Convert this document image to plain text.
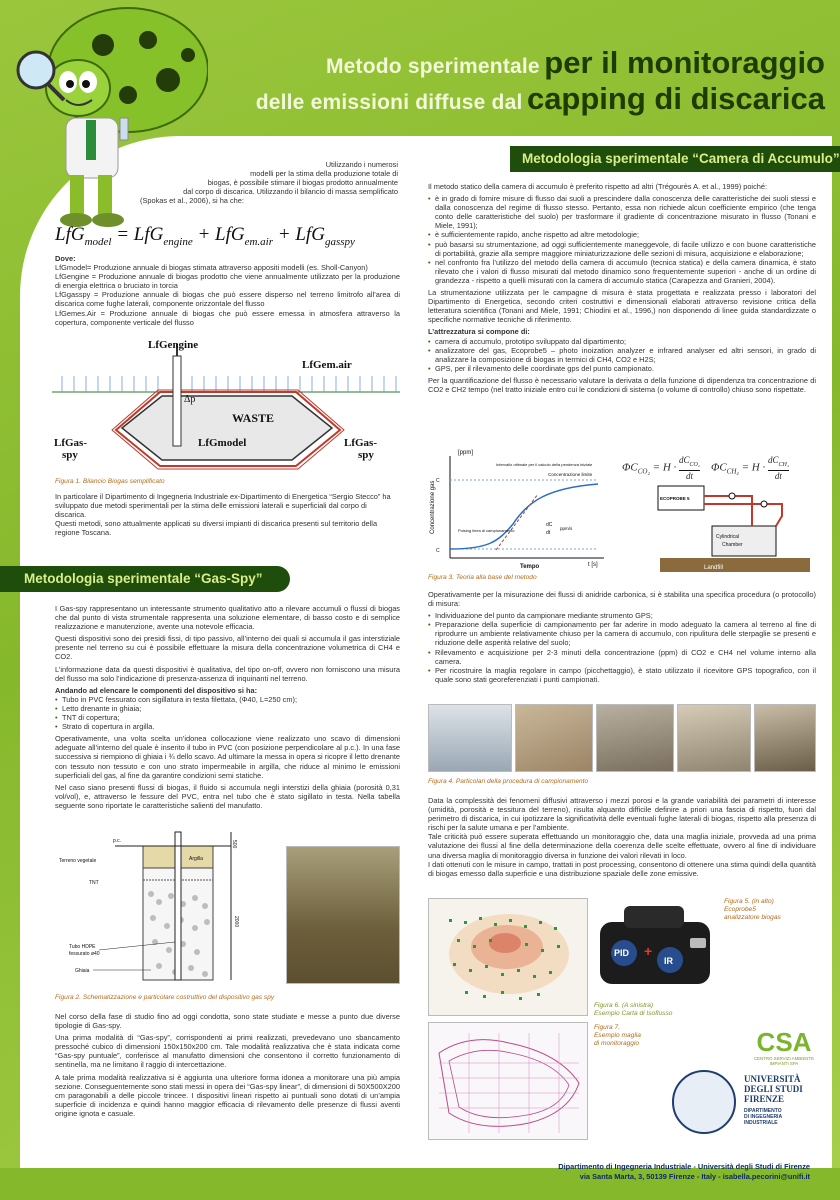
Metodo sperimentale per il monitoraggio
delle emissioni diffuse dal capping di discarica
Utilizzando i numerosi
modelli per la stima della produzione totale di
biogas, è possibile stimare il biogas prodotto annualmente
dal corpo di discarica. Utilizzando il bilancio di massa semplificato
(Spokas et al., 2006), si ha che:
LfG$_{model}$ = LfG$_{engine}$ + LfG$_{em.air}$ + LfG$_{gasspy}$
Dove:
LfGmodel= Produzione annuale di biogas stimata attraverso appositi modelli (es. Sholl-Canyon)
LfGengine = Produzione annuale di biogas prodotto che viene annualmente utilizzato per la produzione di energia elettrica o bruciato in torcia
LfGgasspy = Produzione annuale di biogas che può essere disperso nel terreno limitrofo all’area di discarica come fughe laterali, componente orizzontale del flusso
LfGemes.Air = Produzione annuale di biogas che può essere emessa in atmosfera attraverso la copertura, componente verticale del flusso
LfGengine
LfGem.air
Δp
WASTE
LfGas-
spy
LfGmodel	LfGas-
spy
Figura 1. Bilancio Biogas semplificato
In particolare il Dipartimento di Ingegneria Industriale ex-Dipartimento di Energetica “Sergio Stecco” ha sviluppato due metodi sperimentali per la stima delle emissioni laterali e superficiali dal corpo di discarica.
Questi metodi, sono attualmente applicati su diversi impianti di discarica presenti sul territorio della regione Toscana.
Metodologia sperimentale “Camera di Accumulo”

Il metodo statico della camera di accumulo è preferito rispetto ad altri (Trégourès A. et al., 1999) poiché:

• è in grado di fornire misure di flusso dai suoli a prescindere dalla conoscenza delle caratteristiche dei suoli stessi e dalla conoscenza del regime di flusso stesso. Pertanto, essa non richiede alcun coefficiente empirico (che tenga conto delle caratteristiche del suolo) per trasformare il gradiente di concentrazione misurato in flusso (Tonani e Miele, 1991);
• è sufficientemente rapido, anche rispetto ad altre metodologie;
• può basarsi su strumentazione, ad oggi sufficientemente maneggevole, di facile utilizzo e con buone caratteristiche di portabilità, grazie alla sempre maggiore miniaturizzazione delle sezioni di misura, acquisizione e elaborazione;
• nel confronto fra l’utilizzo del metodo della camera di accumulo (tecnica statica) e della camera dinamica, è stato rilevato che i valori di flusso misurati dal metodo dinamico sono frequentemente superiori - anche di un ordine di grandezza - rispetto a quelli misurati con la camera di accumulo statica (Carapezza and Granieri, 2004).

La strumentazione utilizzata per le campagne di misura è stata progettata e realizzata presso i laboratori del Dipartimento di Energetica, secondo criteri costruttivi e dimensionali elaborati attraverso revisione critica della letteratura scientifica (Tonani and Miele, 1991; Chiodini et al., 1996,) non disponendo di linee guida standardizzate o specifiche normative tecniche di riferimento.

L’attrezzatura si compone di:
• camera di accumulo, prototipo sviluppato dal dipartimento;
• analizzatore del gas, Ecoprobe5 – photo inoization analyzer e infrared analyser ed altri sensori, in grado di analizzare la composizione di biogas in termici di CH4, CO2 e H2S;
• GPS, per il rilevamento delle coordinate gps del punto campionato.

Per la quantificazione del flusso è necessario valutare la derivata α della funzione di dipendenza tra concentrazione di CO2 e CH2 tempo (nel tratto iniziale entro cui le condizioni di sistema (o volume di controllo) chiuso sono rispettate.

[ppm]
Concentrazione gas
Tempo	t [s]
C
C
Concentrazione limite
Intervallo ottimale per il calcolo della pendenza iniziale
Pulsing linea di campionamento
dC
dt
ppm/s
Figura 3. Teoria alla base del metodo
$\Phi C_{CO_2} = H$ ·
$dC_{CO_2}$
dt
$\Phi C_{CH_4} = H$ ·
$dC_{CH_4}$
dt
ECOPROBE 5
Cylindrical
Chamber
Landfill

Operativamente per la misurazione dei flussi di anidride carbonica, si è stabilita una specifica procedura (o protocollo) di misura:

• Individuazione del punto da campionare mediante strumento GPS;
• Preparazione della superficie di campionamento per far aderire in modo adeguato la camera al terreno al fine di riprodurre un ambiente relativamente chiuso per la camera di accumulo, con ripulitura delle sterpaglie se presenti e riduzione delle asperità relative del suolo;
• Rilevamento e acquisizione per 2-3 minuti della concentrazione (ppm) di CO2 e CH4 nel volume interno alla camera.
• Per ricostruire la maglia regolare in campo (picchettaggio), è stato utilizzato il ricevitore GPS topografico, con il quale sono stati georeferenziati i punti campionati.
Figura 4. Particolari della procedura di campionamento
Data la complessità dei fenomeni diffusivi attraverso i mezzi porosi e la grande variabilità dei parametri di interesse (umidità, porosità e tessitura del terreno), risulta alquanto difficile definire a priori una fascia di rispetto, fuori dal perimetro di discarica, in cui ipotizzare la significatività delle eventuali fughe laterali di biogas, rispetto alla presenza di rischi per la salute umana e per l’ambiente.
Tale criticità può essere superata effettuando un monitoraggio che, data una maglia iniziale, provveda ad una prima valutazione dei flussi al fine della determinazione della coerenza delle scelte effettuate, ovvero al fine di individuare una diversa maglia di monitoraggio diversa in funzione dei valori rilevati in loco.
I dati ottenuti con le misure in campo, trattati in post processing, consentono di ottenere una stima quindi della quantità di biogas emesso dalla superficie e una distribuzione spaziale delle zone emissive.
Figura 6. (A sinistra)
Esempio Carta di Isoflusso
PID
IR
+
Figura 5. (in alto)
Ecoprobe5
analizzatore biogas
Figura 7.
Esempio maglia
di monitoraggio	CSA
CENTRO SERVIZI AMBIENTE IMPIANTI SPA
UNIVERSITÀ
DEGLI STUDI
FIRENZE
DIPARTIMENTO
DI INGEGNERIA
INDUSTRIALE
Metodologia sperimentale “Gas-Spy”

I Gas-spy rappresentano un interessante strumento qualitativo atto a rilevare accumuli o flussi di biogas che dal punto di vista strumentale rappresenta una soluzione elementare, di basso costo e di semplice realizzazione e manutenzione, avente una notevole efficacia.

Questi dispositivi sono dei presidi fissi, di tipo passivo, all’interno dei quali si accumula il gas interstiziale presente nel terreno su cui è possibile effettuare la misura della concentrazione volumetrica di CH4 e CO2.

L’informazione data da questi dispositivi è qualitativa, del tipo on-off, ovvero non forniscono una misura del flusso ma solo l’indicazione di presenza-assenza di inquinanti nel terreno.

Andando ad elencare le componenti del dispositivo si ha:
• Tubo in PVC fessurato con sigillatura in testa filettata, (Φ40, L=250 cm);
• Letto drenante in ghiaia;
• TNT di copertura;
• Strato di copertura in argilla.

Operativamente, una volta scelta un’idonea collocazione viene realizzato uno scavo di dimensioni adeguate all’interno del quale è inserito il tubo in PVC (con posizione perpendicolare al p.c.). In una fase successiva si riempiono di ghiaia i ¾ dello scavo. Ad ultimare la messa in opera si ricopre il letto drenante con tessuto non tessuto e con uno strato impermeabile in argilla, che riduce al minimo le emissioni superficiali del gas, al fine da garantire condizioni semi statiche.

Nel caso siano presenti flussi di biogas, il fluido si accumula negli interstizi della ghiaia (porosità 0,31 vol/vol), e, attraverso le fessure del PVC, entra nel tubo che è stato sigillato in testa. Nella tabella seguente sono riportate le caratteristiche salienti del manufatto.

500
2000
p.c.
Argilla
Terreno vegetale
TNT
Tubo HDPE
fessurato ø40
Ghiaia
Figura 2. Schematizzazione e particolare costruttivo del dispositivo gas spy

Nel corso della fase di studio fino ad oggi condotta, sono state studiate e messe a punto due diverse tipologie di Gas-spy.

Una prima modalità di “Gas-spy”, corrispondenti ai primi realizzati, prevedevano uno sbancamento pressoché cubico di dimensioni 150x150x200 cm. Tale modalità realizzativa che è stata indicata come “Gas-spy puntuale”, conferisce al manufatto dimensioni che consentono il corretto funzionamento di sentinella, ma ne limitano il raggio di intercettazione.

A tale prima modalità realizzativa si è aggiunta una ulteriore forma idonea a monitorare una più ampia sezione. Conseguentemente sono stati messi in opera dei “Gas-spy linear”, di dimensioni di 50X500X200 cm paragonabili a delle piccole trincee. I dispositivi lineari rispetto ai puntuali sono dotati di un’ampia superficie di incidenza e quindi hanno maggior efficacia di rilevamento delle presenze di flussi aventi origine ignota e casuale.

Dipartimento di Ingegneria Industriale - Università degli Studi di Firenze
via Santa Marta, 3, 50139 Firenze - Italy - isabella.pecorini@unifi.it
